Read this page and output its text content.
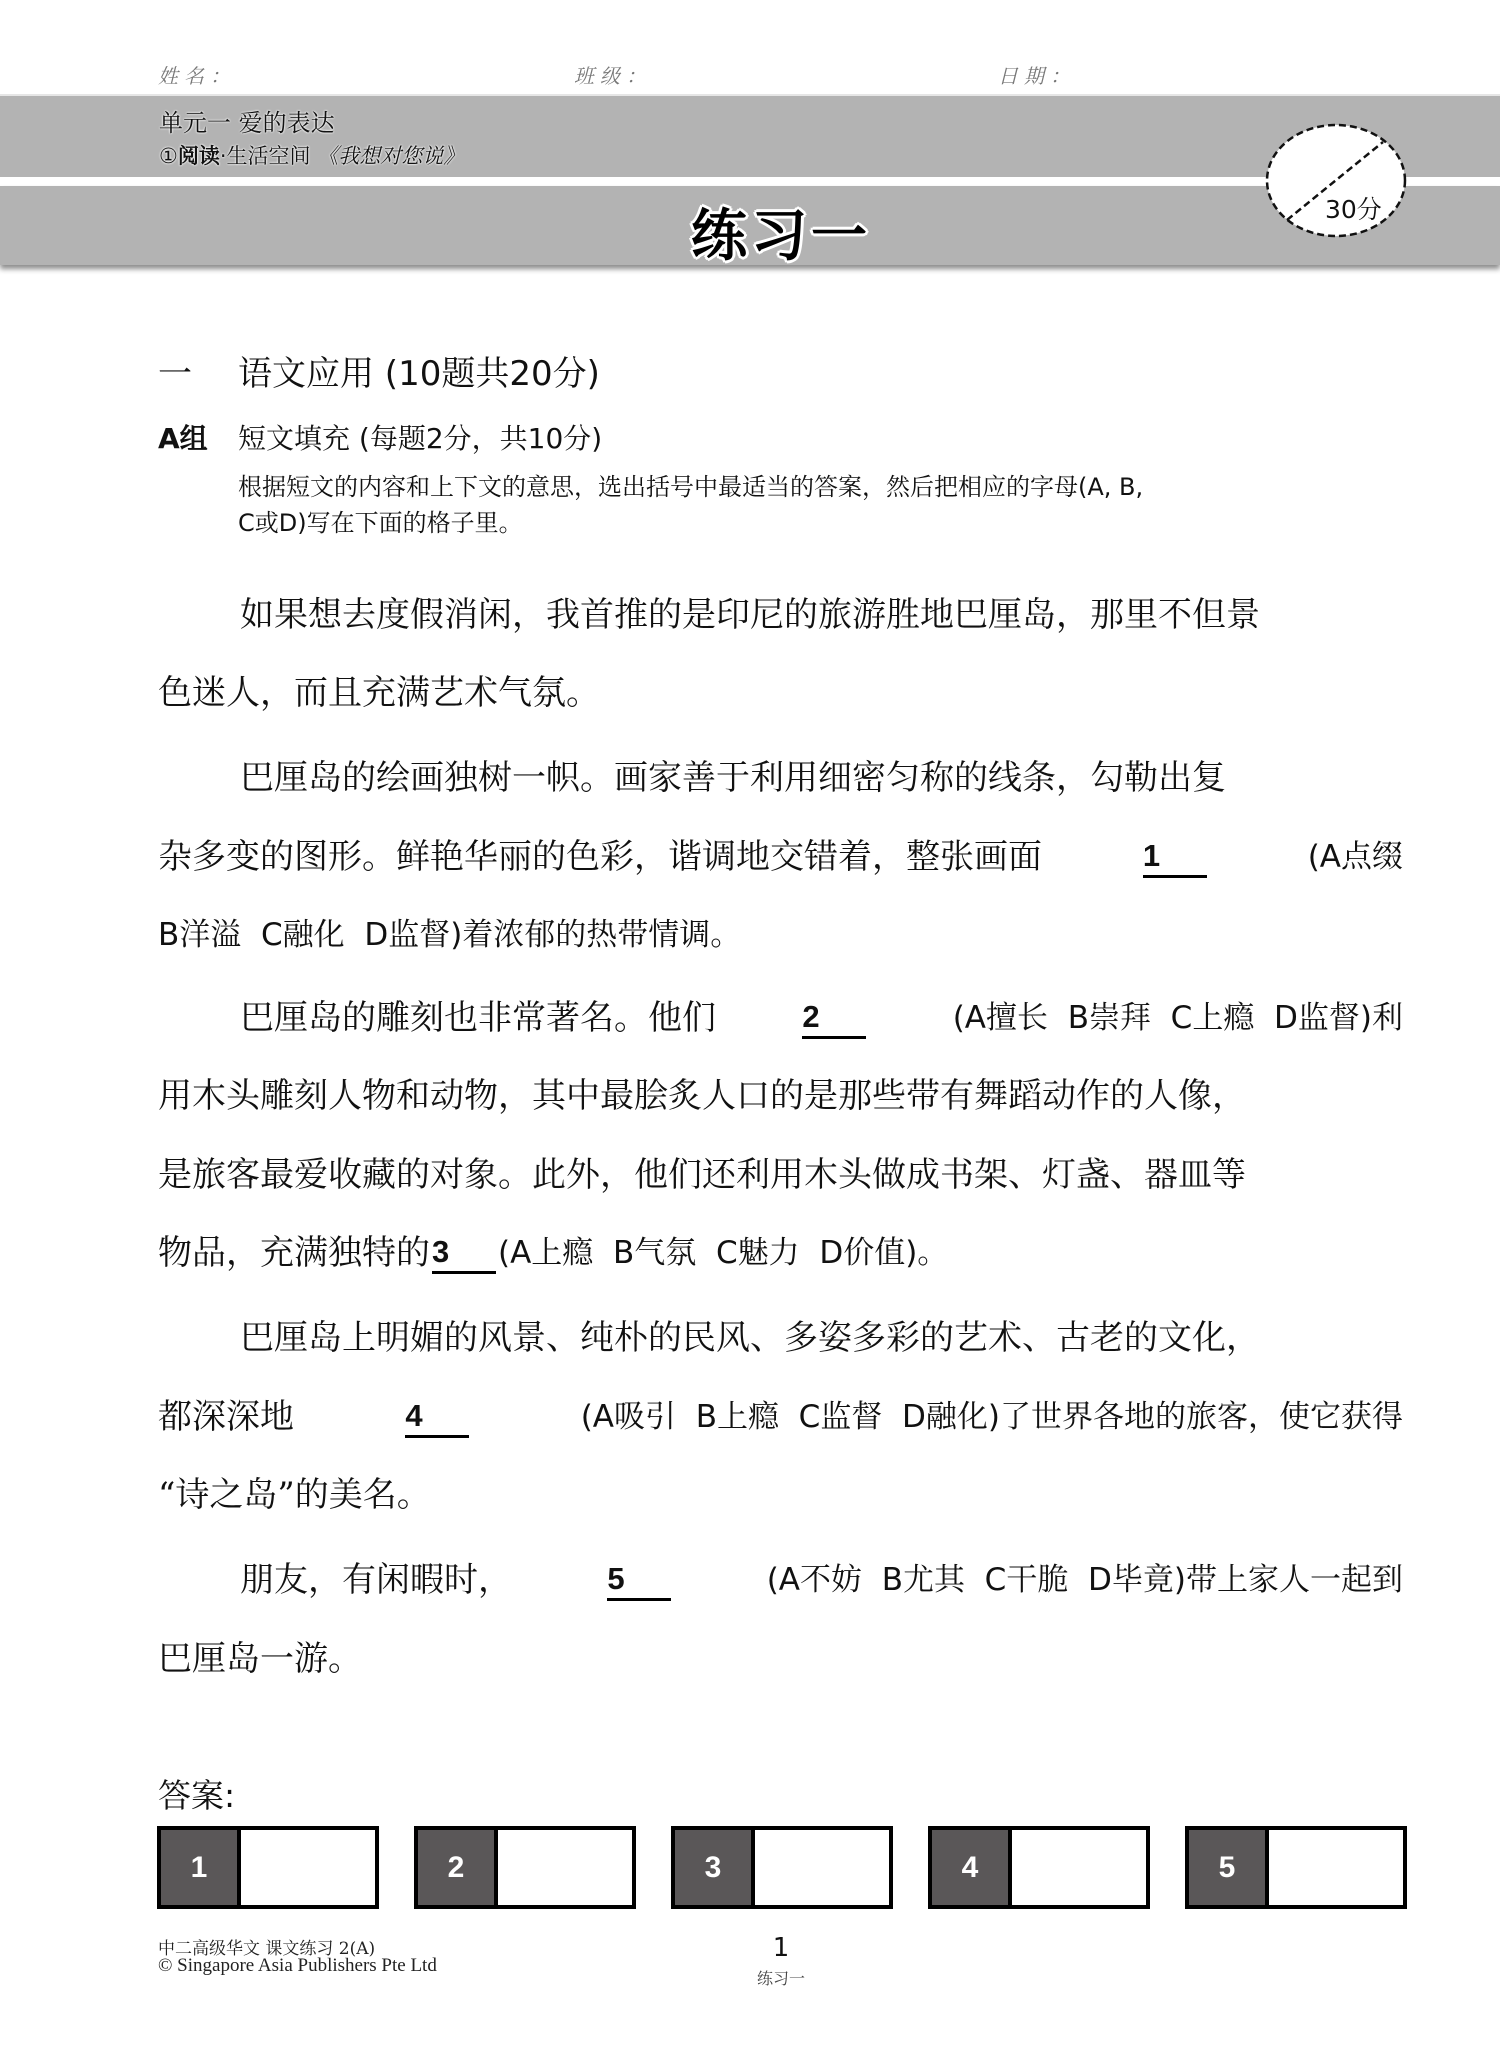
姓名：	班级：	日期：
单元一 爱的表达
①阅读·生活空间 《我想对您说》
练习一	30分
一 语文应用 (10题共20分)
A组 短文填充 (每题2分，共10分)
根据短文的内容和上下文的意思，选出括号中最适当的答案，然后把相应的字母(A, B,
C或D)写在下面的格子里。
如果想去度假消闲，我首推的是印尼的旅游胜地巴厘岛，那里不但景
色迷人，而且充满艺术气氛。
巴厘岛的绘画独树一帜。画家善于利用细密匀称的线条，勾勒出复
杂多变的图形。鲜艳华丽的色彩，谐调地交错着，整张画面	1	(A点缀
B洋溢  C融化  D监督)着浓郁的热带情调。
巴厘岛的雕刻也非常著名。他们	2	(A擅长  B崇拜  C上瘾  D监督)利
用木头雕刻人物和动物，其中最脍炙人口的是那些带有舞蹈动作的人像，
是旅客最爱收藏的对象。此外，他们还利用木头做成书架、灯盏、器皿等
物品，充满独特的 3	(A上瘾  B气氛  C魅力  D价值)。
巴厘岛上明媚的风景、纯朴的民风、多姿多彩的艺术、古老的文化，
都深深地	4	(A吸引  B上瘾  C监督  D融化)了世界各地的旅客，使它获得
“诗之岛”的美名。
朋友，有闲暇时，	5	(A不妨  B尤其  C干脆  D毕竟)带上家人一起到
巴厘岛一游。
答案:
1	2	3	4	5
中二高级华文 课文练习 2(A)
© Singapore Asia Publishers Pte Ltd
1
练习一
